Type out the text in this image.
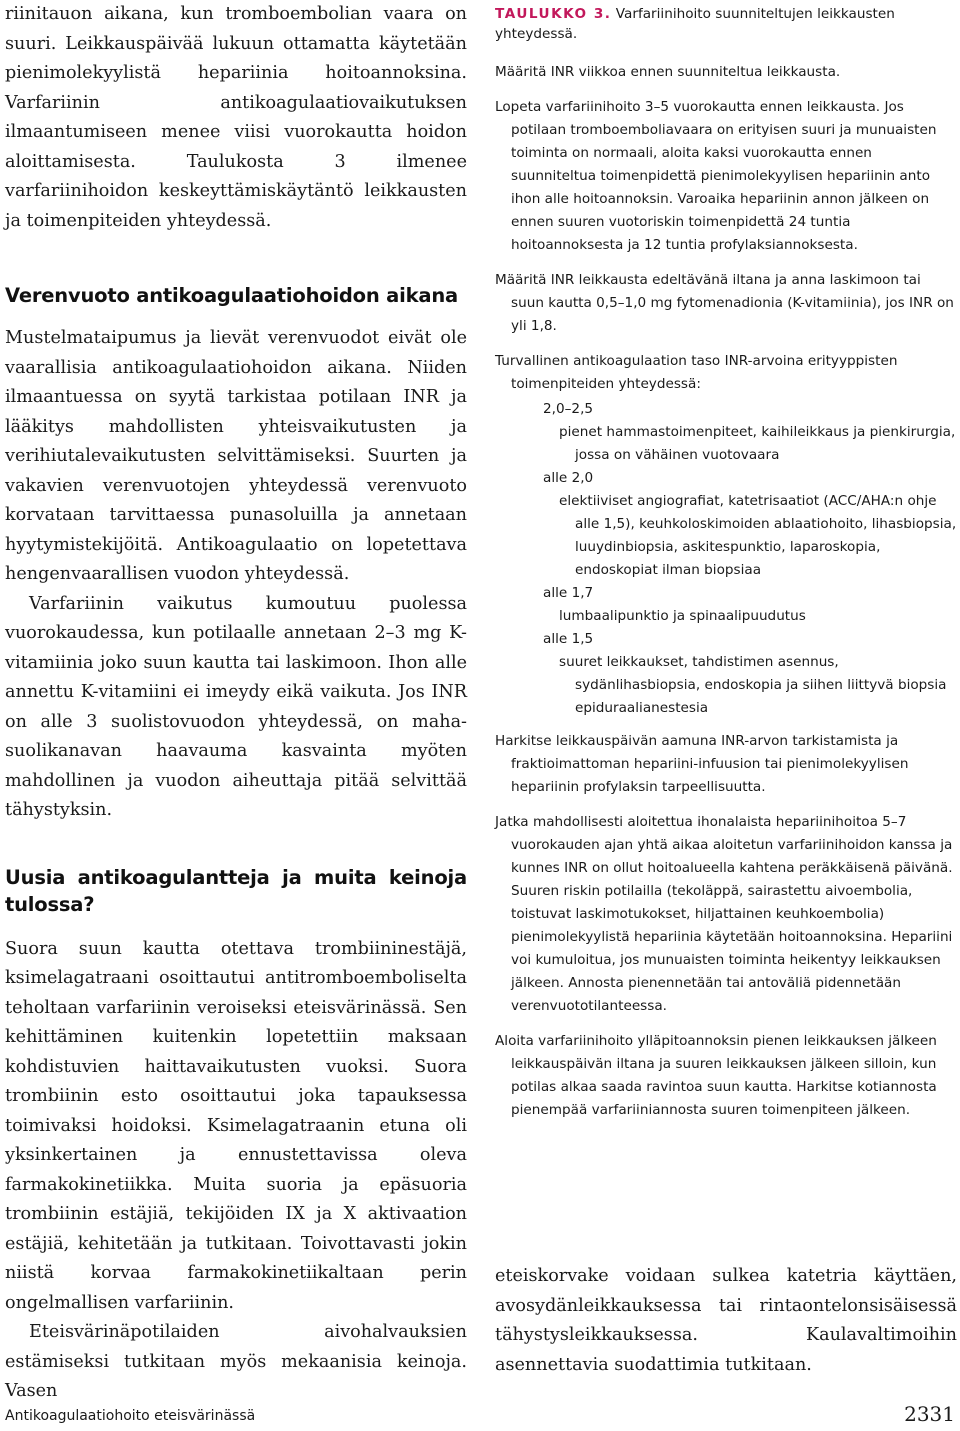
riinitauon aikana, kun tromboembolian vaara on suuri. Leikkauspäivää lukuun ottamatta käytetään pienimolekyylistä hepariinia hoitoannoksina. Varfariinin antikoagulaatiovaikutuksen ilmaantumiseen menee viisi vuorokautta hoidon aloittamisesta. Taulukosta 3 ilmenee varfariinihoidon keskeyttämiskäytäntö leikkausten ja toimenpiteiden yhteydessä.

Verenvuoto antikoagulaatiohoidon aikana

Mustelmataipumus ja lievät verenvuodot eivät ole vaarallisia antikoagulaatiohoidon aikana. Niiden ilmaantuessa on syytä tarkistaa potilaan INR ja lääkitys mahdollisten yhteisvaikutusten ja verihiutalevaikutusten selvittämiseksi. Suurten ja vakavien verenvuotojen yhteydessä verenvuoto korvataan tarvittaessa punasoluilla ja annetaan hyytymistekijöitä. Antikoagulaatio on lopetettava hengenvaarallisen vuodon yhteydessä.

Varfariinin vaikutus kumoutuu puolessa vuorokaudessa, kun potilaalle annetaan 2–3 mg K-vitamiinia joko suun kautta tai laskimoon. Ihon alle annettu K-vitamiini ei imeydy eikä vaikuta. Jos INR on alle 3 suolistovuodon yhteydessä, on maha-suolikanavan haavauma kasvainta myöten mahdollinen ja vuodon aiheuttaja pitää selvittää tähystyksin.

Uusia antikoagulantteja ja muita keinoja tulossa?

Suora suun kautta otettava trombiininestäjä, ksimelagatraani osoittautui antitromboemboliselta teholtaan varfariinin veroiseksi eteisvärinässä. Sen kehittäminen kuitenkin lopetettiin maksaan kohdistuvien haittavaikutusten vuoksi. Suora trombiinin esto osoittautui joka tapauksessa toimivaksi hoidoksi. Ksimelagatraanin etuna oli yksinkertainen ja ennustettavissa oleva farmakokinetiikka. Muita suoria ja epäsuoria trombiinin estäjiä, tekijöiden IX ja X aktivaation estäjiä, kehitetään ja tutkitaan. Toivottavasti jokin niistä korvaa farmakokinetiikaltaan perin ongelmallisen varfariinin.

Eteisvärinäpotilaiden aivohalvauksien estämiseksi tutkitaan myös mekaanisia keinoja. Vasen

TAULUKKO 3. Varfariinihoito suunniteltujen leikkausten yhteydessä.
Määritä INR viikkoa ennen suunniteltua leikkausta.
Lopeta varfariinihoito 3–5 vuorokautta ennen leikkausta. Jos potilaan tromboemboliavaara on erityisen suuri ja munuaisten toiminta on normaali, aloita kaksi vuorokautta ennen suunniteltua toimenpidettä pienimolekyylisen hepariinin anto ihon alle hoitoannoksin. Varoaika hepariinin annon jälkeen on ennen suuren vuotoriskin toimenpidettä 24 tuntia hoitoannoksesta ja 12 tuntia profylaksiannoksesta.
Määritä INR leikkausta edeltävänä iltana ja anna laskimoon tai suun kautta 0,5–1,0 mg fytomenadionia (K-vitamiinia), jos INR on yli 1,8.
Turvallinen antikoagulaation taso INR-arvoina erityyppisten toimenpiteiden yhteydessä:
2,0–2,5
pienet hammastoimenpiteet, kaihileikkaus ja pienkirurgia, jossa on vähäinen vuotovaara
alle 2,0
elektiiviset angiografiat, katetrisaatiot (ACC/AHA:n ohje alle 1,5), keuhkoloskimoiden ablaatiohoito, lihasbiopsia, luuydinbiopsia, askitespunktio, laparoskopia, endoskopiat ilman biopsiaa
alle 1,7
lumbaalipunktio ja spinaalipuudutus
alle 1,5
suuret leikkaukset, tahdistimen asennus, sydänlihasbiopsia, endoskopia ja siihen liittyvä biopsia epiduraalianestesia
Harkitse leikkauspäivän aamuna INR-arvon tarkistamista ja fraktioimattoman hepariini-infuusion tai pienimolekyylisen hepariinin profylaksin tarpeellisuutta.
Jatka mahdollisesti aloitettua ihonalaista hepariinihoitoa 5–7 vuorokauden ajan yhtä aikaa aloitetun varfariinihoidon kanssa ja kunnes INR on ollut hoitoalueella kahtena peräkkäisenä päivänä. Suuren riskin potilailla (tekoläppä, sairastettu aivoembolia, toistuvat laskimotukokset, hiljattainen keuhkoembolia) pienimolekyylistä hepariinia käytetään hoitoannoksina. Hepariini voi kumuloitua, jos munuaisten toiminta heikentyy leikkauksen jälkeen. Annosta pienennetään tai antoväliä pidennetään verenvuototilanteessa.
Aloita varfariinihoito ylläpitoannoksin pienen leikkauksen jälkeen leikkauspäivän iltana ja suuren leikkauksen jälkeen silloin, kun potilas alkaa saada ravintoa suun kautta. Harkitse kotiannosta pienempää varfariiniannosta suuren toimenpiteen jälkeen.
eteiskorvake voidaan sulkea katetria käyttäen, avosydänleikkauksessa tai rintaontelonsisäisessä tähystysleikkauksessa. Kaulavaltimoihin asennettavia suodattimia tutkitaan.
Antikoagulaatiohoito eteisvärinässä	2331
